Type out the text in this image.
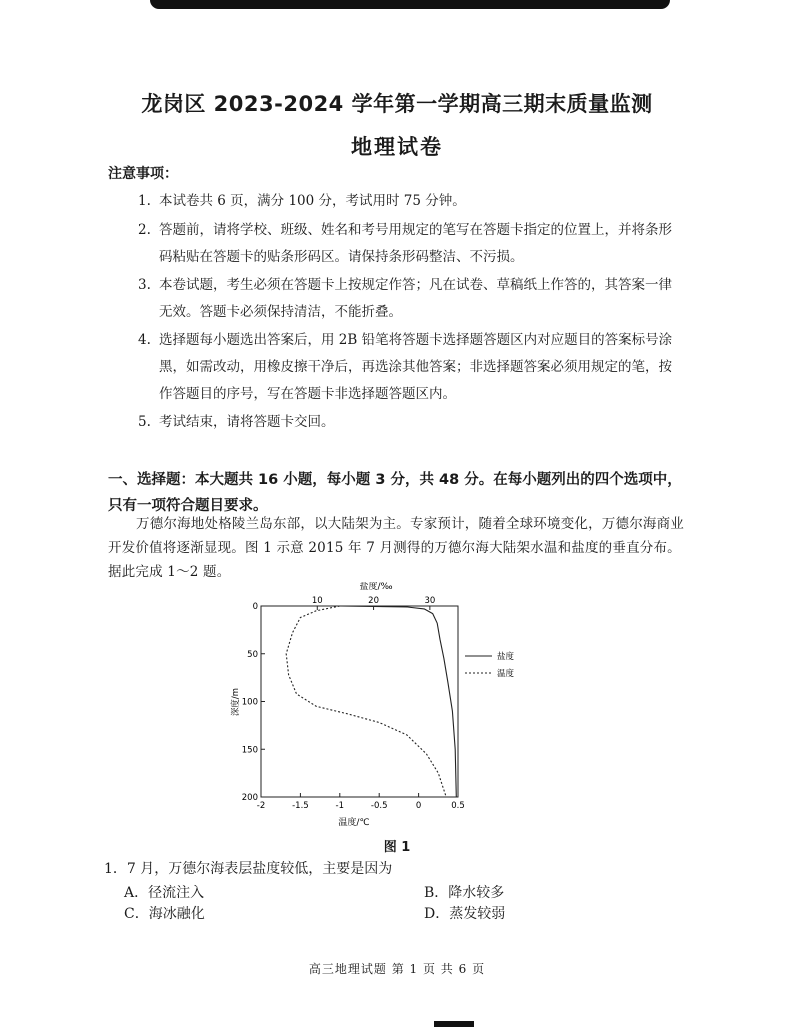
龙岗区 2023-2024 学年第一学期高三期末质量监测
地理试卷
注意事项：
1. 本试卷共 6 页，满分 100 分，考试用时 75 分钟。
2. 答题前，请将学校、班级、姓名和考号用规定的笔写在答题卡指定的位置上，并将条形码粘贴在答题卡的贴条形码区。请保持条形码整洁、不污损。
3. 本卷试题，考生必须在答题卡上按规定作答；凡在试卷、草稿纸上作答的，其答案一律无效。答题卡必须保持清洁，不能折叠。
4. 选择题每小题选出答案后，用 2B 铅笔将答题卡选择题答题区内对应题目的答案标号涂黑，如需改动，用橡皮擦干净后，再选涂其他答案；非选择题答案必须用规定的笔，按作答题目的序号，写在答题卡非选择题答题区内。
5. 考试结束，请将答题卡交回。
一、选择题：本大题共 16 小题，每小题 3 分，共 48 分。在每小题列出的四个选项中，只有一项符合题目要求。
万德尔海地处格陵兰岛东部，以大陆架为主。专家预计，随着全球环境变化，万德尔海商业开发价值将逐渐显现。图 1 示意 2015 年 7 月测得的万德尔海大陆架水温和盐度的垂直分布。据此完成 1～2 题。
0
50
100
150
200
10	20	30
-2	-1.5	-1	-0.5	0	0.5
盐度/‰
温度/℃
深度/m
盐度
温度
图 1
1．7 月，万德尔海表层盐度较低，主要是因为
A．径流注入	B．降水较多
C．海冰融化	D．蒸发较弱
高三地理试题 第 1 页 共 6 页
